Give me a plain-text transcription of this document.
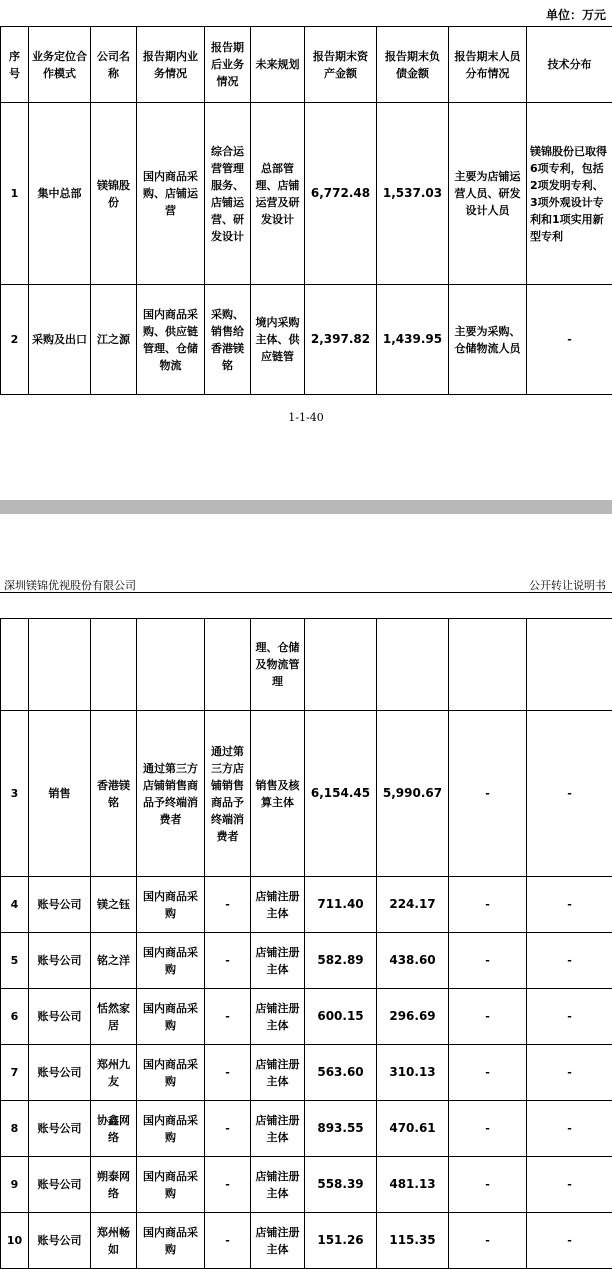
单位：万元
序号	业务定位合作模式	公司名称	报告期内业务情况	报告期后业务情况	未来规划	报告期末资产金额	报告期末负债金额	报告期末人员分布情况	技术分布
1	集中总部	镁锦股份	国内商品采购、店铺运营	综合运营管理服务、店铺运营、研发设计	总部管理、店铺运营及研发设计	6,772.48	1,537.03	主要为店铺运营人员、研发设计人员	镁锦股份已取得6项专利，包括2项发明专利、3项外观设计专利和1项实用新型专利
2	采购及出口	江之源	国内商品采购、供应链管理、仓储物流	采购、销售给香港镁铭	境内采购主体、供应链管	2,397.82	1,439.95	主要为采购、仓储物流人员	-
1-1-40
深圳镁锦优视股份有限公司	公开转让说明书
					理、仓储及物流管理				
3	销售	香港镁铭	通过第三方店铺销售商品予终端消费者	通过第三方店铺销售商品予终端消费者	销售及核算主体	6,154.45	5,990.67	-	-
4	账号公司	镁之钰	国内商品采购	-	店铺注册主体	711.40	224.17	-	-
5	账号公司	铭之洋	国内商品采购	-	店铺注册主体	582.89	438.60	-	-
6	账号公司	恬然家居	国内商品采购	-	店铺注册主体	600.15	296.69	-	-
7	账号公司	郑州九友	国内商品采购	-	店铺注册主体	563.60	310.13	-	-
8	账号公司	协鑫网络	国内商品采购	-	店铺注册主体	893.55	470.61	-	-
9	账号公司	朔泰网络	国内商品采购	-	店铺注册主体	558.39	481.13	-	-
10	账号公司	郑州畅如	国内商品采购	-	店铺注册主体	151.26	115.35	-	-
